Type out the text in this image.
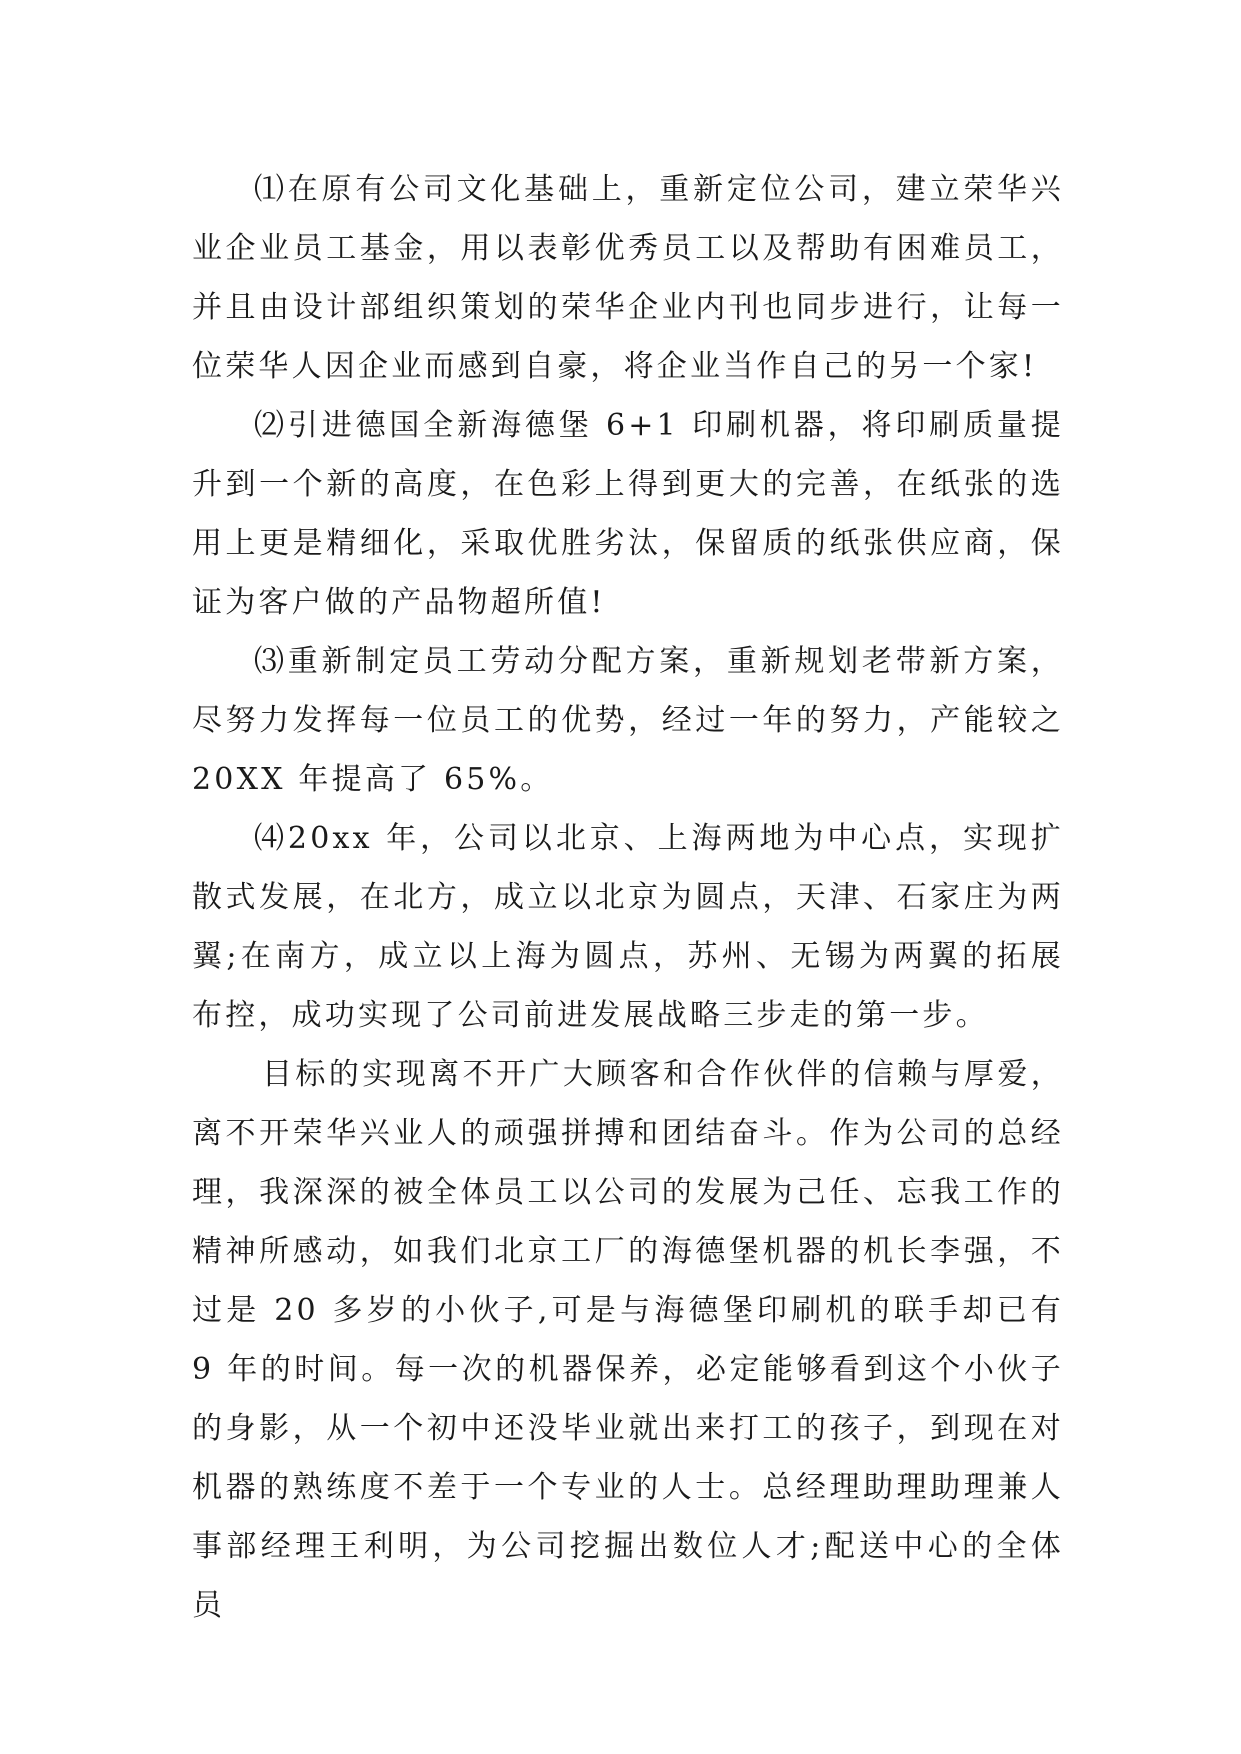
⑴在原有公司文化基础上，重新定位公司，建立荣华兴业企业员工基金，用以表彰优秀员工以及帮助有困难员工，并且由设计部组织策划的荣华企业内刊也同步进行，让每一位荣华人因企业而感到自豪，将企业当作自己的另一个家!

⑵引进德国全新海德堡 6+1 印刷机器，将印刷质量提升到一个新的高度，在色彩上得到更大的完善，在纸张的选用上更是精细化，采取优胜劣汰，保留质的纸张供应商，保证为客户做的产品物超所值!

⑶重新制定员工劳动分配方案，重新规划老带新方案，尽努力发挥每一位员工的优势，经过一年的努力，产能较之 20XX 年提高了 65%。

⑷20xx 年，公司以北京、上海两地为中心点，实现扩散式发展，在北方，成立以北京为圆点，天津、石家庄为两翼;在南方，成立以上海为圆点，苏州、无锡为两翼的拓展布控，成功实现了公司前进发展战略三步走的第一步。

目标的实现离不开广大顾客和合作伙伴的信赖与厚爱，离不开荣华兴业人的顽强拼搏和团结奋斗。作为公司的总经理，我深深的被全体员工以公司的发展为己任、忘我工作的精神所感动，如我们北京工厂的海德堡机器的机长李强，不过是 20 多岁的小伙子,可是与海德堡印刷机的联手却已有 9 年的时间。每一次的机器保养，必定能够看到这个小伙子的身影，从一个初中还没毕业就出来打工的孩子，到现在对机器的熟练度不差于一个专业的人士。总经理助理助理兼人事部经理王利明，为公司挖掘出数位人才;配送中心的全体员
